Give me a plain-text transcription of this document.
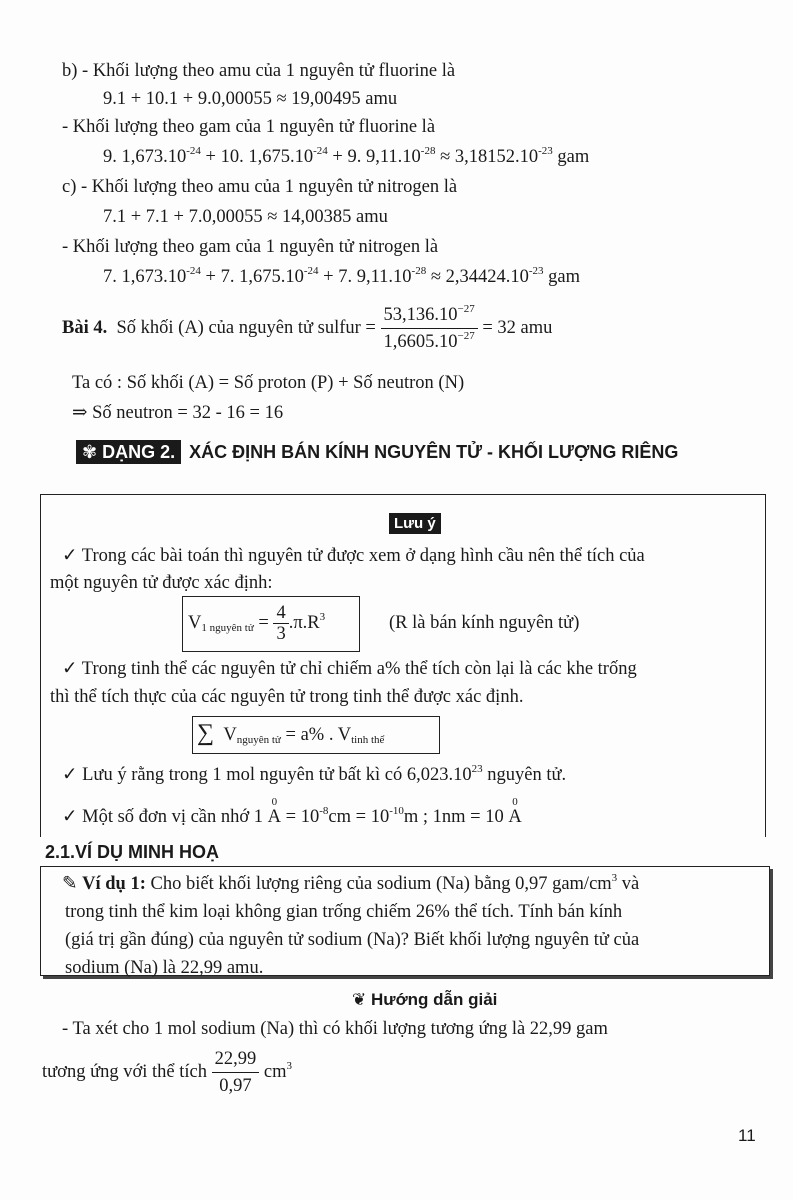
b) - Khối lượng theo amu của 1 nguyên tử fluorine là
9.1 + 10.1 + 9.0,00055 ≈ 19,00495 amu
- Khối lượng theo gam của 1 nguyên tử fluorine là
9. $1,673.10^{-24} + 10$. $1,675.10^{-24} + 9$. $9,11.10^{-28} \approx 3,18152.10^{-23}$ gam
c) - Khối lượng theo amu của 1 nguyên tử nitrogen là
7.1 + 7.1 + 7.0,00055 ≈ 14,00385 amu
- Khối lượng theo gam của 1 nguyên tử nitrogen là
7. $1,673.10^{-24} + 7$. $1,675.10^{-24} + 7$. $9,11.10^{-28} \approx 2,34424.10^{-23}$ gam
Bài 4. Số khối (A) của nguyên tử sulfur = $\frac{53,136.10^{-27}}{1,6605.10^{-27}} = 32$ amu
Ta có : Số khối (A) = Số proton (P) + Số neutron (N)
⇒ Số neutron = 32 - 16 = 16
✾ DẠNG 2. XÁC ĐỊNH BÁN KÍNH NGUYÊN TỬ - KHỐI LƯỢNG RIÊNG
Lưu ý
✓ Trong các bài toán thì nguyên tử được xem ở dạng hình cầu nên thể tích của
một nguyên tử được xác định:
$V_{1 nguyên tử} = \frac{4}{3} .\pi.R^3$	(R là bán kính nguyên tử)
✓ Trong tinh thể các nguyên tử chỉ chiếm a% thể tích còn lại là các khe trống
thì thể tích thực của các nguyên tử trong tinh thể được xác định.
∑ $V_{nguyên tử} = a\%$ . $V_{tinh thể}$
✓ Lưu ý rằng trong 1 mol nguyên tử bất kì có 6,023.10$^{23}$ nguyên tử.
✓ Một số đơn vị cần nhớ 1
0
$A = 10^{-8}cm = 10^{-10}m$ ; 1nm = 10
0
A
2.1.VÍ DỤ MINH HOẠ
✎ Ví dụ 1: Cho biết khối lượng riêng của sodium (Na) bằng 0,97 gam/$cm^3$ và
trong tinh thể kim loại không gian trống chiếm 26% thể tích. Tính bán kính
(giá trị gần đúng) của nguyên tử sodium (Na)? Biết khối lượng nguyên tử của
sodium (Na) là 22,99 amu.
❦ Hướng dẫn giải
- Ta xét cho 1 mol sodium (Na) thì có khối lượng tương ứng là 22,99 gam
tương ứng với thể tích $\frac{22,99}{0,97} cm^3$
11
